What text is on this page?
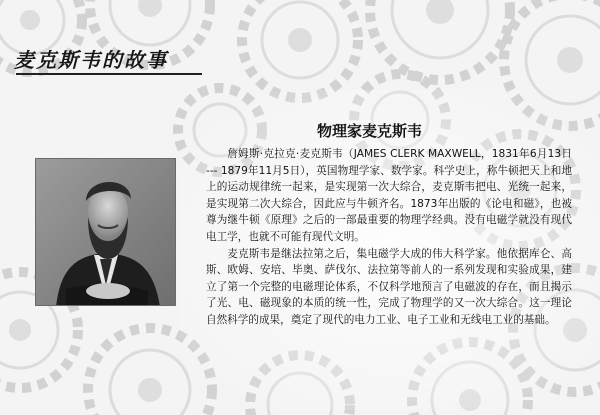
麦克斯韦的故事
物理家麦克斯韦

詹姆斯·克拉克·麦克斯韦（JAMES CLERK MAXWELL，1831年6月13日 --- 1879年11月5日），英国物理学家、数学家。科学史上，称牛顿把天上和地上的运动规律统一起来，是实现第一次大综合，麦克斯韦把电、光统一起来，是实现第二次大综合，因此应与牛顿齐名。1873年出版的《论电和磁》，也被尊为继牛顿《原理》之后的一部最重要的物理学经典。没有电磁学就没有现代电工学，也就不可能有现代文明。

麦克斯韦是继法拉第之后，集电磁学大成的伟大科学家。他依据库仑、高斯、欧姆、安培、毕奥、萨伐尔、法拉第等前人的一系列发现和实验成果，建立了第一个完整的电磁理论体系，不仅科学地预言了电磁波的存在，而且揭示了光、电、磁现象的本质的统一性，完成了物理学的又一次大综合。这一理论自然科学的成果，奠定了现代的电力工业、电子工业和无线电工业的基础。
